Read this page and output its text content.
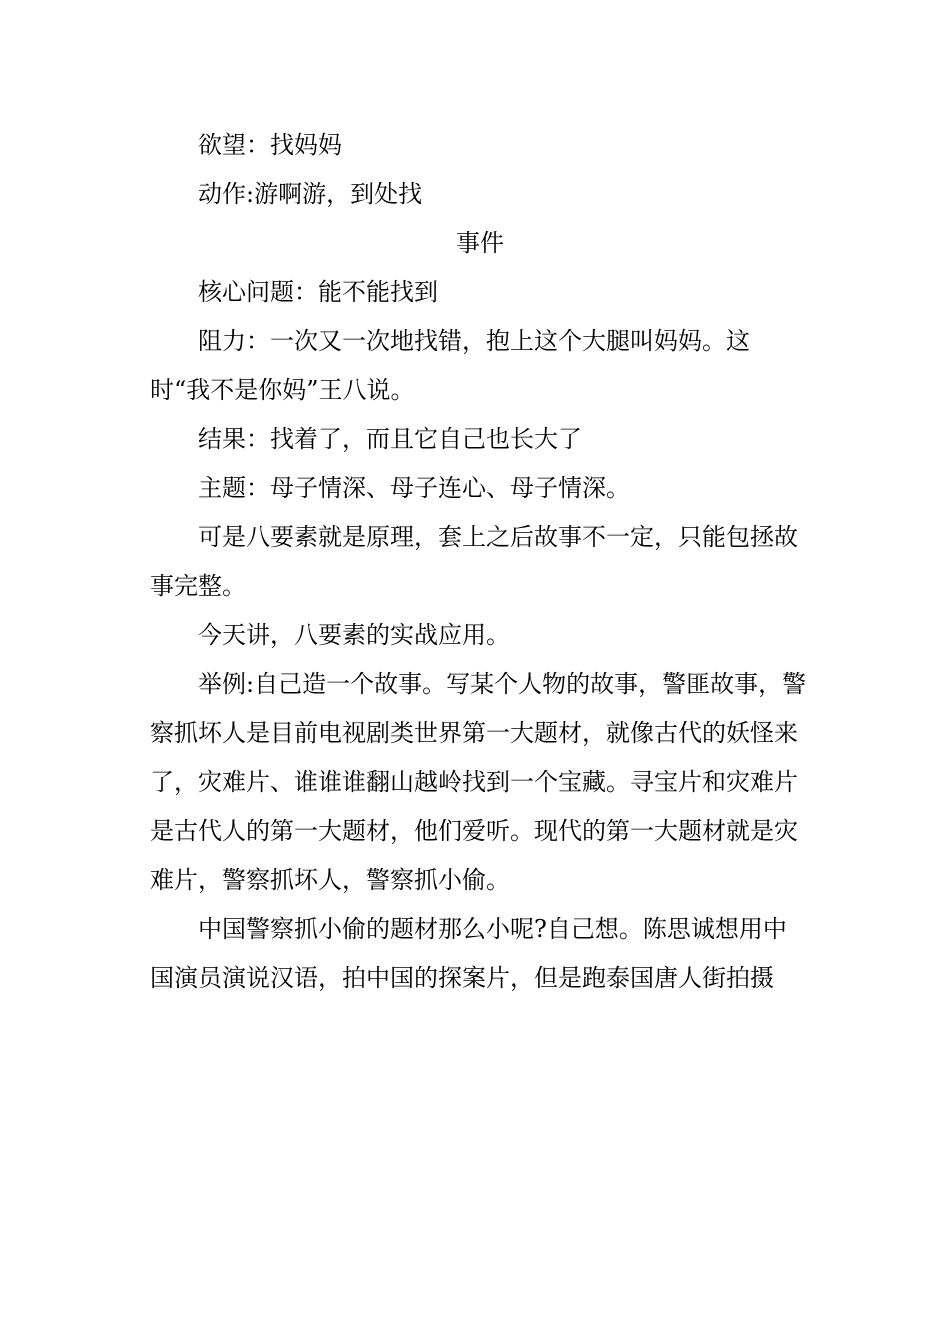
欲望：找妈妈

动作:游啊游，到处找

事件

核心问题：能不能找到

阻力：一次又一次地找错，抱上这个大腿叫妈妈。这时“我不是你妈”王八说。

结果：找着了，而且它自己也长大了

主题：母子情深、母子连心、母子情深。

可是八要素就是原理，套上之后故事不一定，只能包拯故事完整。

今天讲，八要素的实战应用。

举例:自己造一个故事。写某个人物的故事，警匪故事，警察抓坏人是目前电视剧类世界第一大题材，就像古代的妖怪来了，灾难片、谁谁谁翻山越岭找到一个宝藏。寻宝片和灾难片是古代人的第一大题材，他们爱听。现代的第一大题材就是灾难片，警察抓坏人，警察抓小偷。

中国警察抓小偷的题材那么小呢?自己想。陈思诚想用中国演员演说汉语，拍中国的探案片，但是跑泰国唐人街拍摄
